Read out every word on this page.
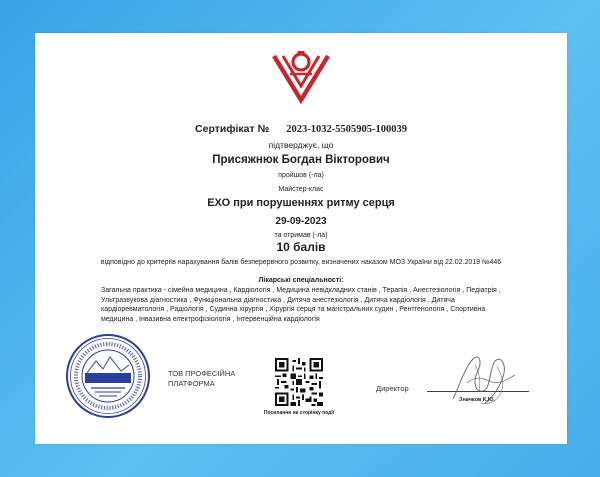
Сертифікат № 2023-1032-5505905-100039
підтверджує, що
Присяжнюк Богдан Вікторович
пройшов (-ла)
Майстер-клас
ЕХО при порушеннях ритму серця
29-09-2023
та отримав (-ла)
10 балів
відповідно до критеріїв нарахування балів безперервного розвитку, визначених наказом МОЗ України від 22.02.2019 №446
Лікарські спеціальності:
Загальна практика - сімейна медицина , Кардіологія , Медицина невідкладних станів , Терапія , Анестезіологія , Педіатрія , Ультразвукова діагностика , Функціональна діагностика , Дитяча анестезіологія , Дитяча кардіологія , Дитяча кардіоревматологія , Радіологія , Судинна хірургія , Хірургія серця та магістральних судин , Рентгенологія , Спортивна медицина , Інвазивна електрофізіологія , Інтервенційна кардіологія
ТОВ ПРОФЕСІЙНА
ПЛАТФОРМА
Посилання на сторінку події
Директор
Значков К.Ю.
